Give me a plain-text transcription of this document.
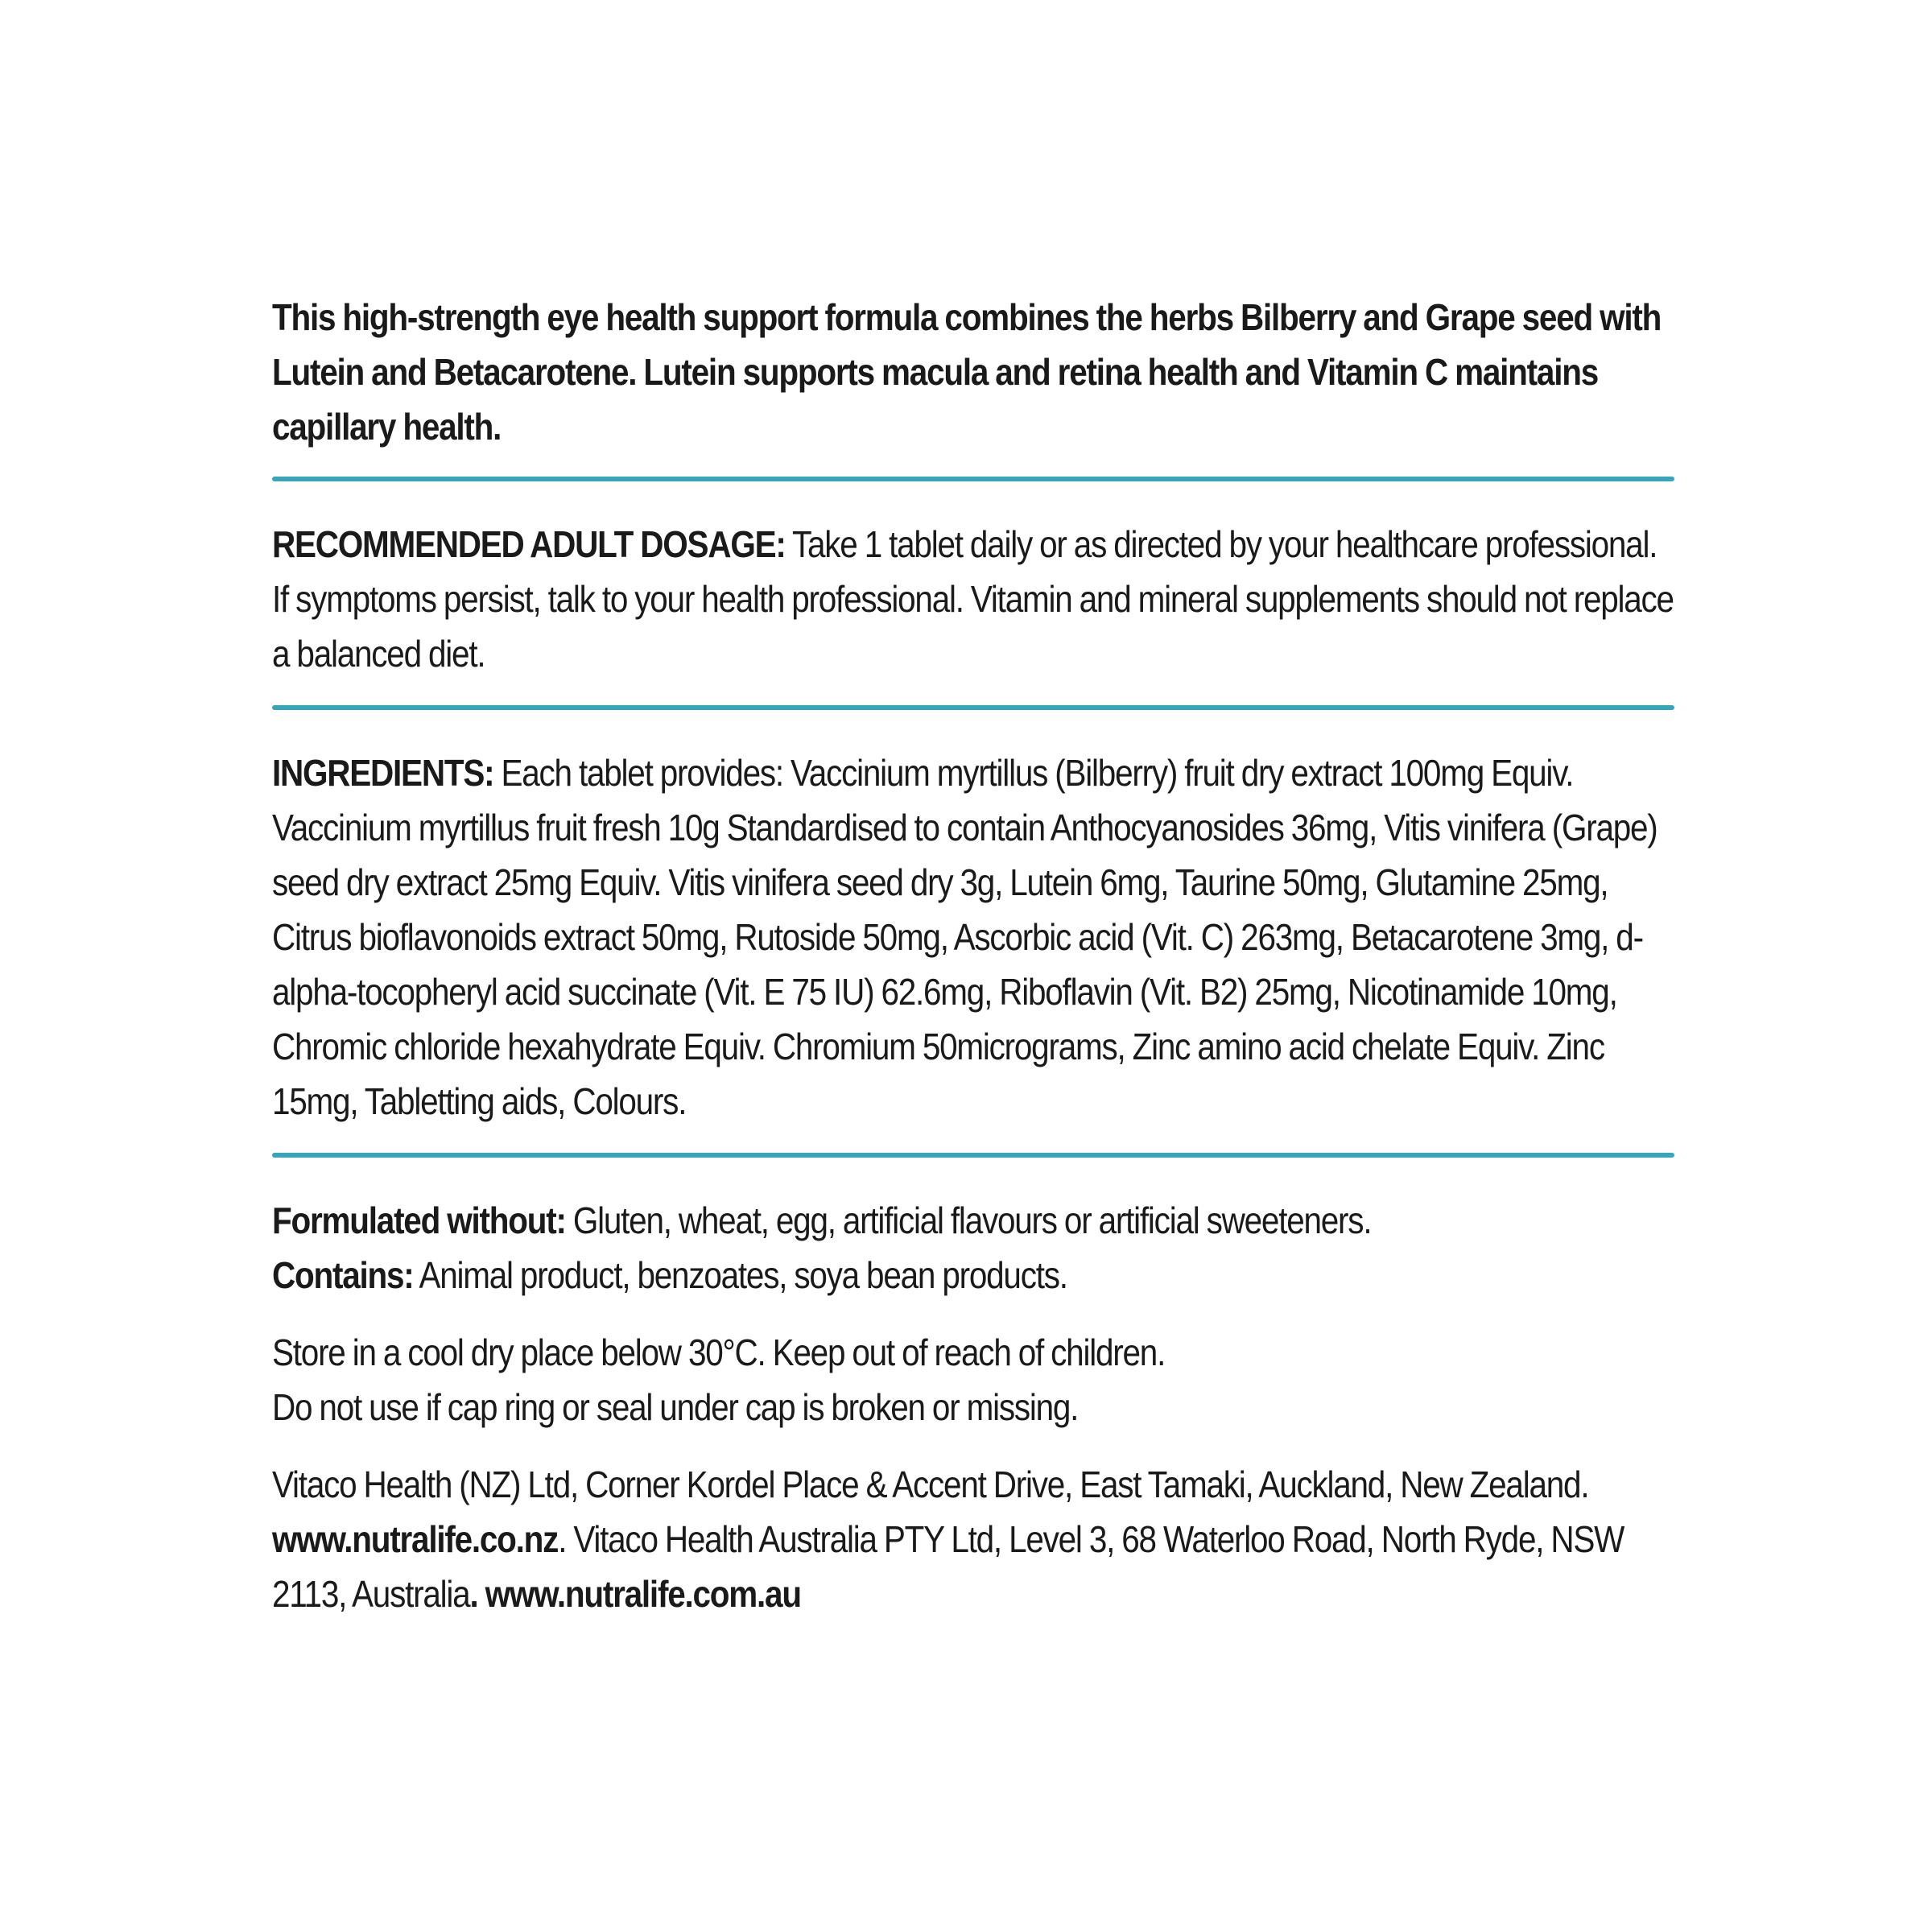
This high-strength eye health support formula combines the herbs Bilberry and Grape seed with Lutein and Betacarotene. Lutein supports macula and retina health and Vitamin C maintains capillary health.

RECOMMENDED ADULT DOSAGE: Take 1 tablet daily or as directed by your healthcare professional. If symptoms persist, talk to your health professional. Vitamin and mineral supplements should not replace a balanced diet.

INGREDIENTS: Each tablet provides: Vaccinium myrtillus (Bilberry) fruit dry extract 100mg Equiv. Vaccinium myrtillus fruit fresh 10g Standardised to contain Anthocyanosides 36mg, Vitis vinifera (Grape) seed dry extract 25mg Equiv. Vitis vinifera seed dry 3g, Lutein 6mg, Taurine 50mg, Glutamine 25mg, Citrus bioflavonoids extract 50mg, Rutoside 50mg, Ascorbic acid (Vit. C) 263mg, Betacarotene 3mg, d-alpha-tocopheryl acid succinate (Vit. E 75 IU) 62.6mg, Riboflavin (Vit. B2) 25mg, Nicotinamide 10mg, Chromic chloride hexahydrate Equiv. Chromium 50micrograms, Zinc amino acid chelate Equiv. Zinc 15mg, Tabletting aids, Colours.

Formulated without: Gluten, wheat, egg, artificial flavours or artificial sweeteners.

Contains: Animal product, benzoates, soya bean products.

Store in a cool dry place below 30°C. Keep out of reach of children.

Do not use if cap ring or seal under cap is broken or missing.

Vitaco Health (NZ) Ltd, Corner Kordel Place & Accent Drive, East Tamaki, Auckland, New Zealand. www.nutralife.co.nz. Vitaco Health Australia PTY Ltd, Level 3, 68 Waterloo Road, North Ryde, NSW 2113, Australia. www.nutralife.com.au
